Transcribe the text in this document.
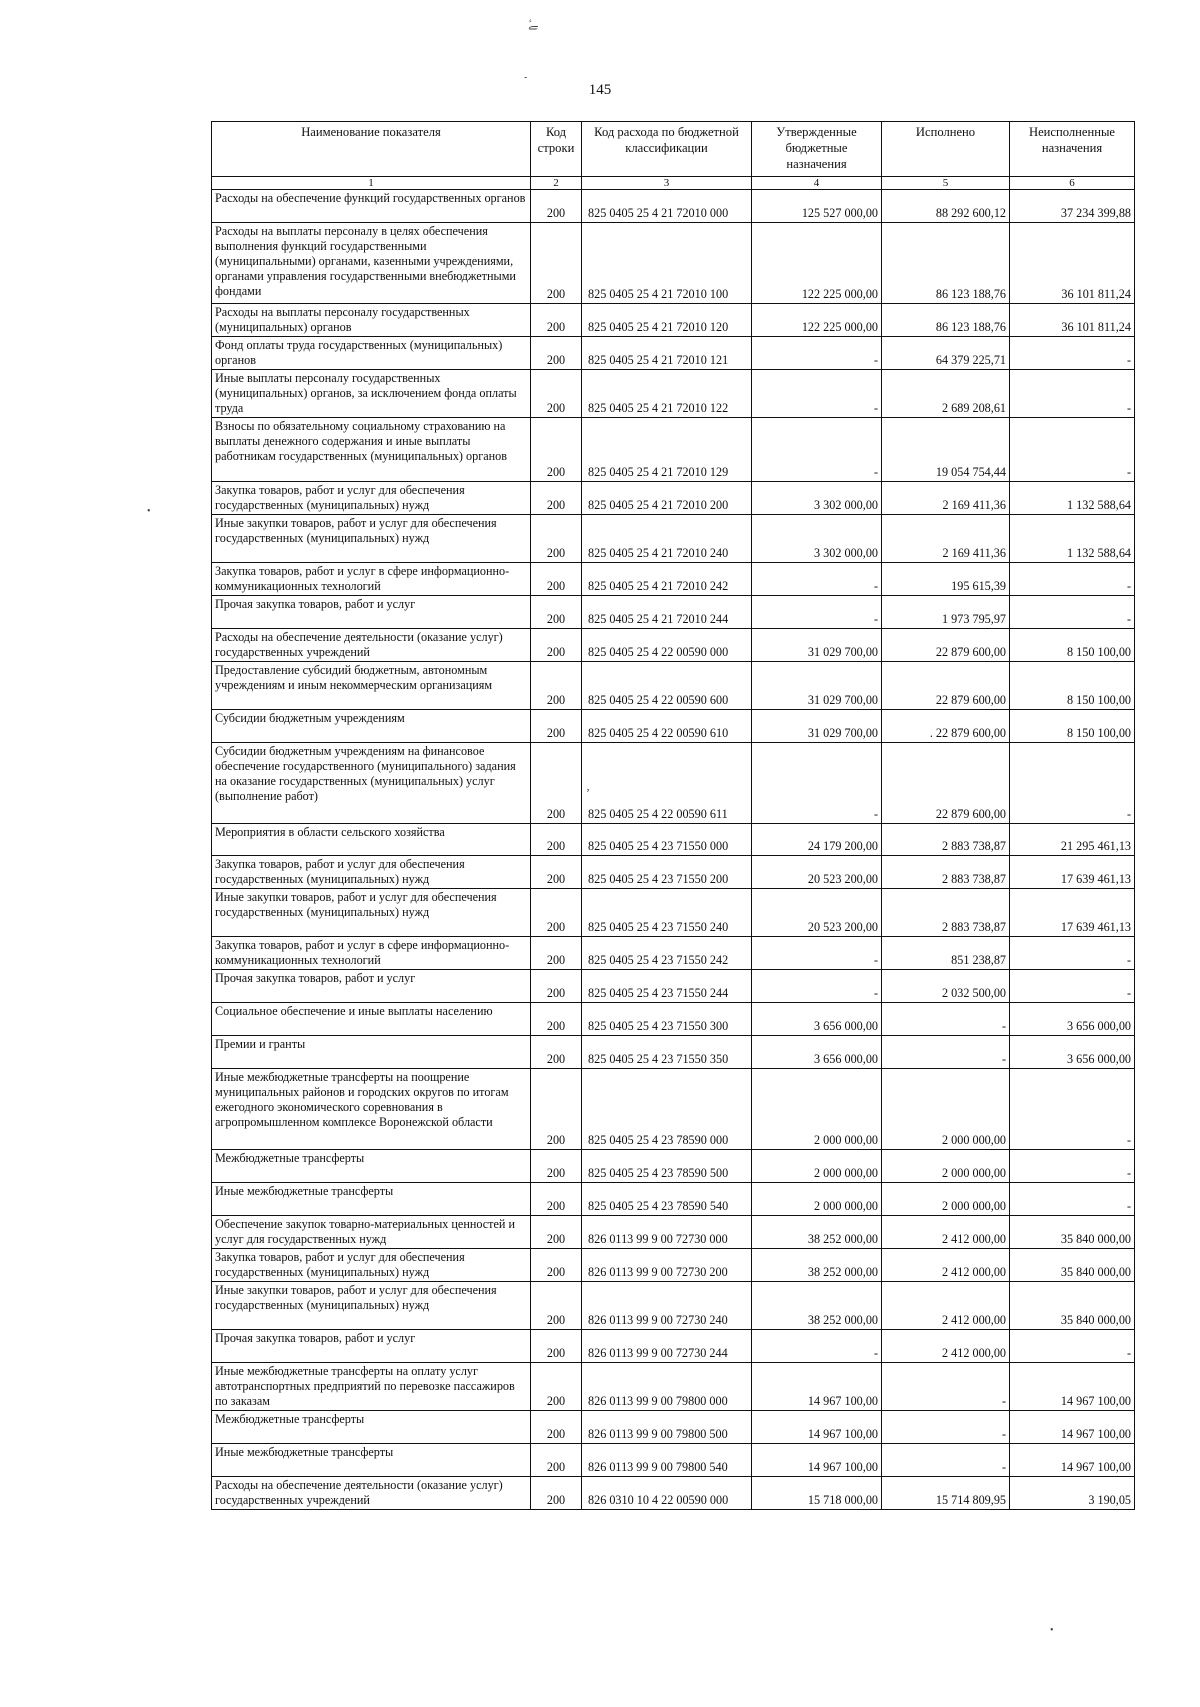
ﮱ
-
•
•
ʼ
145
Наименование показателя	Код строки	Код расхода по бюджетной классификации	Утвержденные бюджетные назначения	Исполнено	Неисполненные назначения
1	2	3	4	5	6
Расходы на обеспечение функций государственных органов	200	825 0405 25 4 21 72010 000	125 527 000,00	88 292 600,12	37 234 399,88
Расходы на выплаты персоналу в целях обеспечения выполнения функций государственными (муниципальными) органами, казенными учреждениями, органами управления государственными внебюджетными фондами	200	825 0405 25 4 21 72010 100	122 225 000,00	86 123 188,76	36 101 811,24
Расходы на выплаты персоналу государственных (муниципальных) органов	200	825 0405 25 4 21 72010 120	122 225 000,00	86 123 188,76	36 101 811,24
Фонд оплаты труда государственных (муниципальных) органов	200	825 0405 25 4 21 72010 121	-	64 379 225,71	-
Иные выплаты персоналу государственных (муниципальных) органов, за исключением фонда оплаты труда	200	825 0405 25 4 21 72010 122	-	2 689 208,61	-
Взносы по обязательному социальному страхованию на выплаты денежного содержания и иные выплаты работникам государственных (муниципальных) органов	200	825 0405 25 4 21 72010 129	-	19 054 754,44	-
Закупка товаров, работ и услуг для обеспечения государственных (муниципальных) нужд	200	825 0405 25 4 21 72010 200	3 302 000,00	2 169 411,36	1 132 588,64
Иные закупки товаров, работ и услуг для обеспечения государственных (муниципальных) нужд	200	825 0405 25 4 21 72010 240	3 302 000,00	2 169 411,36	1 132 588,64
Закупка товаров, работ и услуг в сфере информационно-коммуникационных технологий	200	825 0405 25 4 21 72010 242	-	195 615,39	-
Прочая закупка товаров, работ и услуг	200	825 0405 25 4 21 72010 244	-	1 973 795,97	-
Расходы на обеспечение деятельности (оказание услуг) государственных учреждений	200	825 0405 25 4 22 00590 000	31 029 700,00	22 879 600,00	8 150 100,00
Предоставление субсидий бюджетным, автономным учреждениям и иным некоммерческим организациям	200	825 0405 25 4 22 00590 600	31 029 700,00	22 879 600,00	8 150 100,00
Субсидии бюджетным учреждениям	200	825 0405 25 4 22 00590 610	31 029 700,00	. 22 879 600,00	8 150 100,00
Субсидии бюджетным учреждениям на финансовое обеспечение государственного (муниципального) задания на оказание государственных (муниципальных) услуг (выполнение работ)	200	825 0405 25 4 22 00590 611	-	22 879 600,00	-
Мероприятия в области сельского хозяйства	200	825 0405 25 4 23 71550 000	24 179 200,00	2 883 738,87	21 295 461,13
Закупка товаров, работ и услуг для обеспечения государственных (муниципальных) нужд	200	825 0405 25 4 23 71550 200	20 523 200,00	2 883 738,87	17 639 461,13
Иные закупки товаров, работ и услуг для обеспечения государственных (муниципальных) нужд	200	825 0405 25 4 23 71550 240	20 523 200,00	2 883 738,87	17 639 461,13
Закупка товаров, работ и услуг в сфере информационно-коммуникационных технологий	200	825 0405 25 4 23 71550 242	-	851 238,87	-
Прочая закупка товаров, работ и услуг	200	825 0405 25 4 23 71550 244	-	2 032 500,00	-
Социальное обеспечение и иные выплаты населению	200	825 0405 25 4 23 71550 300	3 656 000,00	-	3 656 000,00
Премии и гранты	200	825 0405 25 4 23 71550 350	3 656 000,00	-	3 656 000,00
Иные межбюджетные трансферты на поощрение муниципальных районов и городских округов по итогам ежегодного экономического соревнования в агропромышленном комплексе Воронежской области	200	825 0405 25 4 23 78590 000	2 000 000,00	2 000 000,00	-
Межбюджетные трансферты	200	825 0405 25 4 23 78590 500	2 000 000,00	2 000 000,00	-
Иные межбюджетные трансферты	200	825 0405 25 4 23 78590 540	2 000 000,00	2 000 000,00	-
Обеспечение закупок товарно-материальных ценностей и услуг для государственных нужд	200	826 0113 99 9 00 72730 000	38 252 000,00	2 412 000,00	35 840 000,00
Закупка товаров, работ и услуг для обеспечения государственных (муниципальных) нужд	200	826 0113 99 9 00 72730 200	38 252 000,00	2 412 000,00	35 840 000,00
Иные закупки товаров, работ и услуг для обеспечения государственных (муниципальных) нужд	200	826 0113 99 9 00 72730 240	38 252 000,00	2 412 000,00	35 840 000,00
Прочая закупка товаров, работ и услуг	200	826 0113 99 9 00 72730 244	-	2 412 000,00	-
Иные межбюджетные трансферты на оплату услуг автотранспортных предприятий по перевозке пассажиров по заказам	200	826 0113 99 9 00 79800 000	14 967 100,00	-	14 967 100,00
Межбюджетные трансферты	200	826 0113 99 9 00 79800 500	14 967 100,00	-	14 967 100,00
Иные межбюджетные трансферты	200	826 0113 99 9 00 79800 540	14 967 100,00	-	14 967 100,00
Расходы на обеспечение деятельности (оказание услуг) государственных учреждений	200	826 0310 10 4 22 00590 000	15 718 000,00	15 714 809,95	3 190,05
